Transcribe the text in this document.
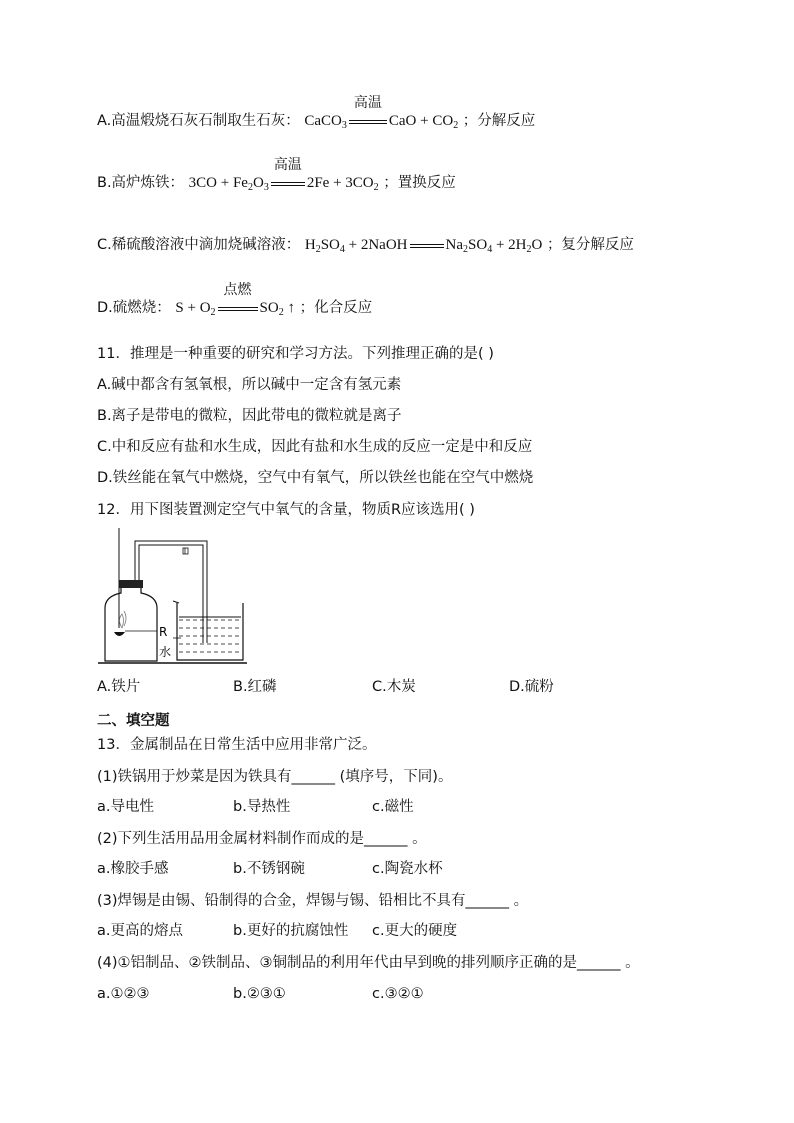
A.高温煅烧石灰石制取生石灰： CaCO$_3$
高温
CaO + $CO_2$ ；分解反应
B.高炉炼铁： $3CO + Fe_2O_3$
高温
$2Fe + 3CO_2$ ；置换反应
C.稀硫酸溶液中滴加烧碱溶液： $H_2SO_4$ + 2NaOH	$Na_2SO_4 + 2H_2O$ ；复分解反应
D.硫燃烧： $S + O_2$
点燃
$SO_2$ ↑ ；化合反应
11．推理是一种重要的研究和学习方法。下列推理正确的是( )
A.碱中都含有氢氧根，所以碱中一定含有氢元素
B.离子是带电的微粒，因此带电的微粒就是离子
C.中和反应有盐和水生成，因此有盐和水生成的反应一定是中和反应
D.铁丝能在氧气中燃烧，空气中有氧气，所以铁丝也能在空气中燃烧
12．用下图装置测定空气中氧气的含量，物质R应该选用( )
R
水
A.铁片	B.红磷	C.木炭	D.硫粉
二、填空题
13．金属制品在日常生活中应用非常广泛。
(1)铁锅用于炒菜是因为铁具有______ (填序号，下同)。
a.导电性	b.导热性	c.磁性
(2)下列生活用品用金属材料制作而成的是______ 。
a.橡胶手感	b.不锈钢碗	c.陶瓷水杯
(3)焊锡是由锡、铅制得的合金，焊锡与锡、铅相比不具有______ 。
a.更高的熔点	b.更好的抗腐蚀性 c.更大的硬度
(4)①铝制品、②铁制品、③铜制品的利用年代由早到晚的排列顺序正确的是______ 。
a.①②③	b.②③①	c.③②①
